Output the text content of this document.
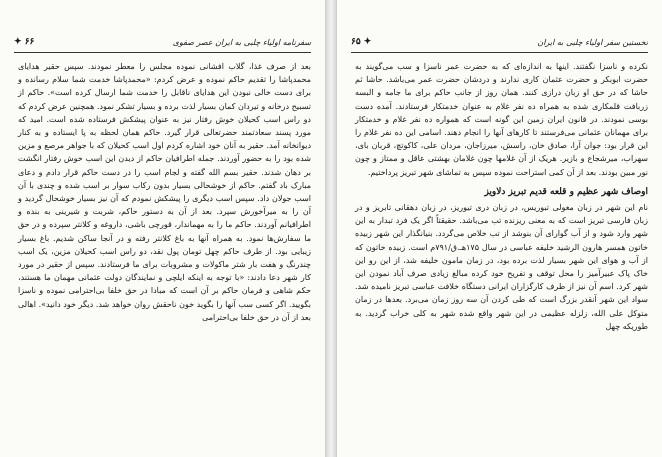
سفرنامه اولیاء چلبی به ایران عصر صفوی
۶۶ ✦

بعد از صرف غذا، گلاب افشانی نموده مجلس را معطر نمودند. سپس حقیر هدایای محمدپاشا را تقدیم حاکم نموده و عرض کردم: «محمدپاشا خدمت شما سلام رسانده و برای دست خالی نبودن این هدایای ناقابل را خدمت شما ارسال کرده است». حاکم از تسبیح درخانه و تیردان کمان بسیار لذت برده و بسیار تشکر نمود. همچنین عرض کردم که دو راس اسب کحیلان خوش رفتار نیز به عنوان پیشکش فرستاده شده است. امید که مورد پسند سعادتمند حضرتعالی قرار گیرد. حاکم همان لحظه به پا ایستاده و به کنار دیوانخانه آمد. حقیر به آنان خود اشاره کردم اول اسب کحیلان که با جواهر مرصع و مزین شده بود را به حضور آوردند. جمله اطرافیان حاکم از دیدن این اسب خوش رفتار انگشت بر دهان شدند. حقیر بسم الله گفته و لجام اسب را در دست حاکم قرار دادم و دعای مبارک باد گفتم. حاکم از خوشحالی بسیار بدون رکاب سوار بر اسب شده و چندی با آن اسب جولان داد. سپس اسب دیگری را پیشکش نمودم که آن نیز بسیار خوشحال گردید و آن را به میرآخورش سپرد. بعد از آن به دستور حاکم، شربت و شیرینی به بنده و اطرافیانم آوردند. حاکم ما را به مهماندار، قورچی باشی، داروغه و کلانتر سپرده و در حق ما سفارش‌ها نمود. به همراه آنها به باغ کلانتر رفته و در آنجا ساکن شدیم. باغ بسیار زیبایی بود. از طرف حاکم چهل تومان پول نقد، دو راس اسب کحیلان مزین، یک اسب چندرنگ و هفت بار شتر ماکولات و مشروبات برای ما فرستادند. سپس از حقیر در مورد کار شهر دعا دادند: «با توجه به اینکه ایلچی و نمایندگان دولت عثمانی مهمان ما هستند، حکم شاهی و فرمان حاکم بر آن است که مبادا در حق خلفا بی‌احترامی نموده و ناسزا بگویید. اگر کسی سب آنها را بگوید خون ناحقش روان خواهد شد. دیگر خود دانید». اهالی بعد از آن در حق خلفا بی‌احترامی

نخستین سفر اولیاء چلبی به ایران
✦ ۶۵

نکرده و ناسزا نگفتند. اینها به اندازه‌ای که به حضرت عمر ناسزا و سب می‌گویند به حضرت ابوبکر و حضرت عثمان کاری ندارند و دردشان حضرت عمر می‌باشد. حاشا ثم حاشا که در حق او زبان درازی کنند. همان روز از جانب حاکم برای ما جامه و البسه زربافت قلمکاری شده به همراه ده نفر غلام به عنوان خدمتکار فرستادند. آمده دست بوسی نمودند. در قانون ایران زمین این گونه است که همواره ده نفر غلام و خدمتکار برای مهمانان عثمانی می‌فرستند تا کارهای آنها را انجام دهند. اسامی این ده نفر غلام را این قرار بود: جوان آرا، صادق خان، راسش، میرزاجان، مردان علی، کاکوتچ، قربان بای، سهراب، میرشجاع و بازیر. هریک از آن غلامها چون غلامان بهشتی عاقل و ممتاز و چون نور مبین بودند. بعد از آن کمی استراحت نموده سپس به تماشای شهر تبریز پرداختیم.

اوصاف شهر عظیم و قلعه قدیم تبریز دلاویز

نام این شهر در زبان مغولی تبوریس، در زبان دری تیوریز، در زبان دهقانی تابریز و در زبان فارسی تبریز است که به معنی ریزنده تب می‌باشد. حقیقتاً اگر یک فرد تبدار به این شهر وارد شود و از آب گوارای آن بنوشد از تب خلاص می‌گردد. بنیانگذار این شهر زبیده خاتون همسر هارون الرشید خلیفه عباسی در سال ۱۷۵هـ.ق/۷۹۱م است. زبیده خاتون که از آب و هوای این شهر بسیار لذت برده بود، در زمان مامون خلیفه شد، از این رو این خاک پاک عبیرآمیز را محل توقف و تفریح خود کرده مبالغ زیادی صرف آباد نمودن این شهر کرد. اسم آن نیز از طرف کارگزاران ایرانی دستگاه خلافت عباسی تبریز نامیده شد. سواد این شهر آنقدر بزرگ است که طی کردن آن سه روز زمان می‌برد. بعدها در زمان متوکل علی الله، زلزله عظیمی در این شهر واقع شده شهر به کلی خراب گردید. به طوریکه چهل
